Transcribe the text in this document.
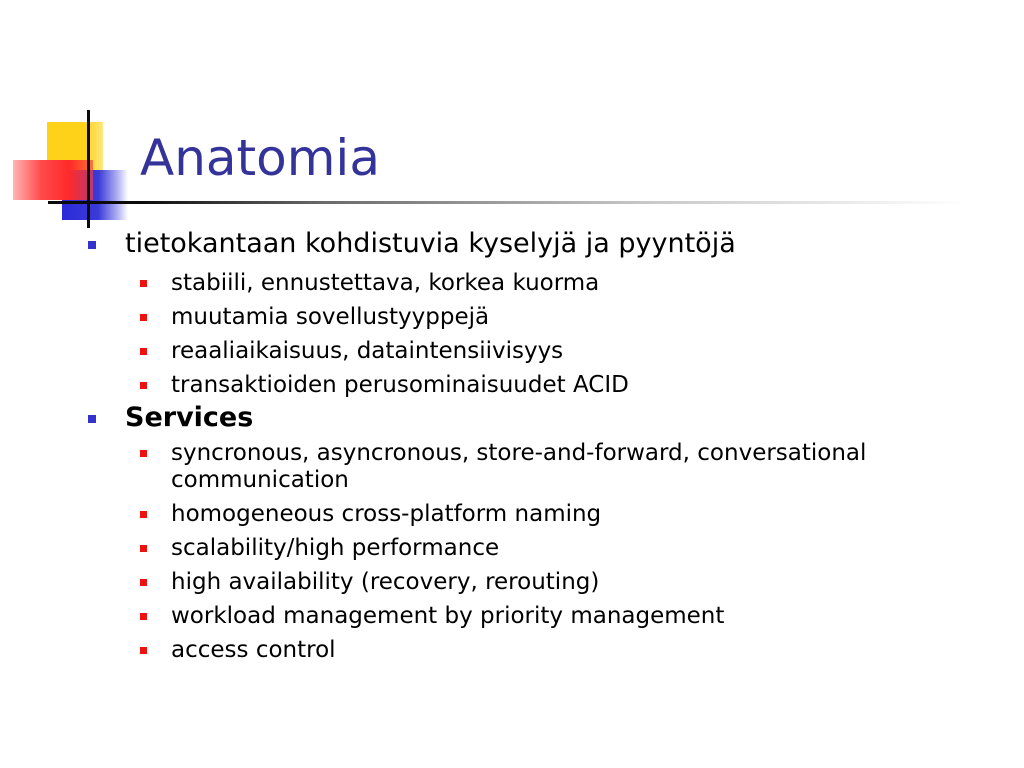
Anatomia
tietokantaan kohdistuvia kyselyjä ja pyyntöjä
stabiili, ennustettava, korkea kuorma
muutamia sovellustyyppejä
reaaliaikaisuus, dataintensiivisyys
transaktioiden perusominaisuudet ACID
Services
syncronous, asyncronous, store-and-forward, conversational communication
homogeneous cross-platform naming
scalability/high performance
high availability (recovery, rerouting)
workload management by priority management
access control
